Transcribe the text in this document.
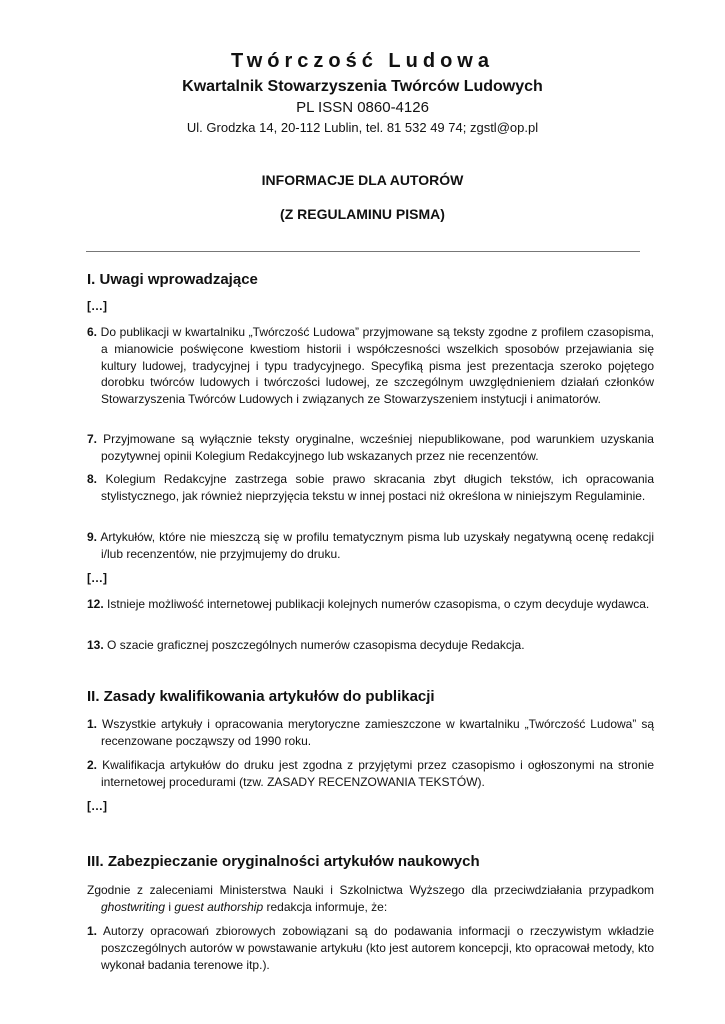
Twórczość Ludowa
Kwartalnik Stowarzyszenia Twórców Ludowych
PL ISSN 0860-4126
Ul. Grodzka 14, 20-112 Lublin, tel. 81 532 49 74; zgstl@op.pl
INFORMACJE DLA AUTORÓW
(Z REGULAMINU PISMA)
I. Uwagi wprowadzające
[…]
6. Do publikacji w kwartalniku „Twórczość Ludowa” przyjmowane są teksty zgodne z profilem czasopisma, a mianowicie poświęcone kwestiom historii i współczesności wszelkich sposobów przejawiania się kultury ludowej, tradycyjnej i typu tradycyjnego. Specyfiką pisma jest prezentacja szeroko pojętego dorobku twórców ludowych i twórczości ludowej, ze szczególnym uwzględnieniem działań członków Stowarzyszenia Twórców Ludowych i związanych ze Stowarzyszeniem instytucji i animatorów.
7. Przyjmowane są wyłącznie teksty oryginalne, wcześniej niepublikowane, pod warunkiem uzyskania pozytywnej opinii Kolegium Redakcyjnego lub wskazanych przez nie recenzentów.
8. Kolegium Redakcyjne zastrzega sobie prawo skracania zbyt długich tekstów, ich opracowania stylistycznego, jak również nieprzyjęcia tekstu w innej postaci niż określona w niniejszym Regulaminie.
9. Artykułów, które nie mieszczą się w profilu tematycznym pisma lub uzyskały negatywną ocenę redakcji i/lub recenzentów, nie przyjmujemy do druku.
[…]
12. Istnieje możliwość internetowej publikacji kolejnych numerów czasopisma, o czym decyduje wydawca.
13. O szacie graficznej poszczególnych numerów czasopisma decyduje Redakcja.
II. Zasady kwalifikowania artykułów do publikacji
1. Wszystkie artykuły i opracowania merytoryczne zamieszczone w kwartalniku „Twórczość Ludowa” są recenzowane począwszy od 1990 roku.
2. Kwalifikacja artykułów do druku jest zgodna z przyjętymi przez czasopismo i ogłoszonymi na stronie internetowej procedurami (tzw. ZASADY RECENZOWANIA TEKSTÓW).
[…]
III. Zabezpieczanie oryginalności artykułów naukowych
Zgodnie z zaleceniami Ministerstwa Nauki i Szkolnictwa Wyższego dla przeciwdziałania przypadkom ghostwriting i guest authorship redakcja informuje, że:
1. Autorzy opracowań zbiorowych zobowiązani są do podawania informacji o rzeczywistym wkładzie poszczególnych autorów w powstawanie artykułu (kto jest autorem koncepcji, kto opracował metody, kto wykonał badania terenowe itp.).
